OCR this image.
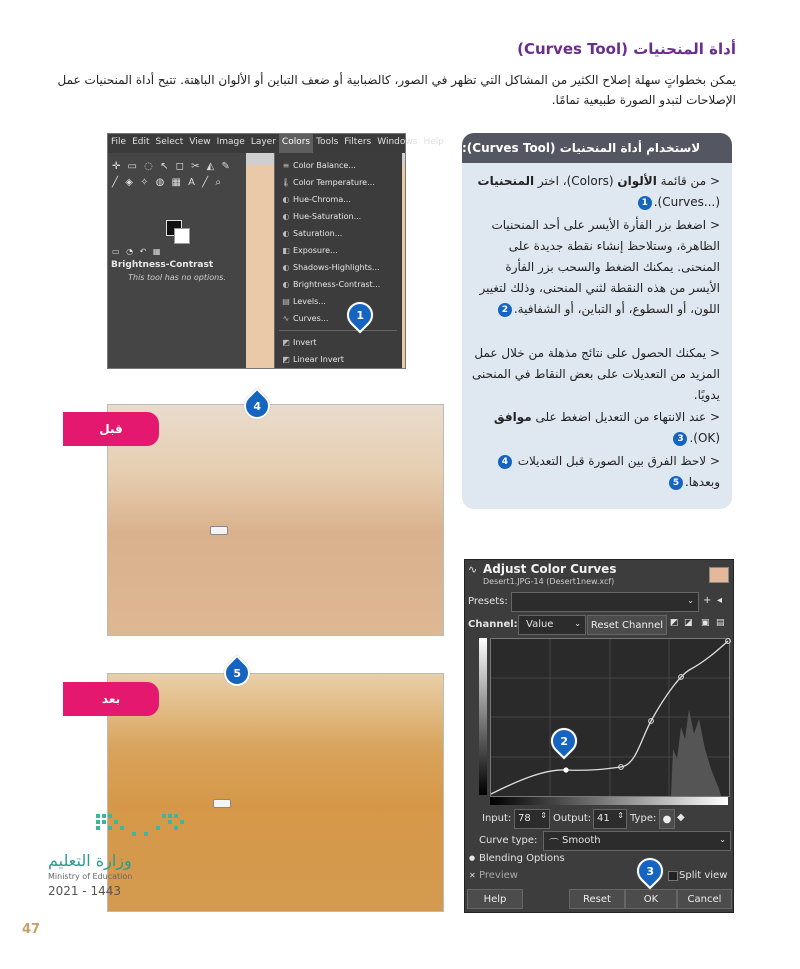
أداة المنحنيات (Curves Tool)
يمكن بخطواتٍ سهلة إصلاح الكثير من المشاكل التي تظهر في الصور، كالضبابية أو ضعف التباين أو الألوان الباهتة. تتيح أداة المنحنيات عمل الإصلاحات لتبدو الصورة طبيعية تمامًا.
File Edit Select View Image Layer Colors Tools Filters Windows Help
✛ ▭ ◌ ↖ ◻ ✂ ◭ ✎
╱ ◈ ✧ ◍ ▦ A ╱ ⌕
▭ ◔ ↶ ▦
Brightness-Contrast
This tool has no options.
≡ Color Balance...
🌡 Color Temperature...
◐ Hue-Chroma...
◐ Hue-Saturation...
◐ Saturation...
◧ Exposure...
◐ Shadows-Highlights...
◐ Brightness-Contrast...
▤ Levels...
∿ Curves...
◩ Invert
◩ Linear Invert
1
لاستخدام أداة المنحنيات (Curves Tool):
< من قائمة الألوان (Colors)، اختر المنحنيات (...Curves).1
< اضغط بزر الفأرة الأيسر على أحد المنحنيات الظاهرة، وستلاحظ إنشاء نقطة جديدة على المنحنى. يمكنك الضغط والسحب بزر الفأرة الأيسر من هذه النقطة لثني المنحنى، وذلك لتغيير اللون، أو السطوع، أو التباين، أو الشفافية.2
< يمكنك الحصول على نتائج مذهلة من خلال عمل المزيد من التعديلات على بعض النقاط في المنحنى يدويًا.
< عند الانتهاء من التعديل اضغط على موافق (OK).3
< لاحظ الفرق بين الصورة قبل التعديلات 4 وبعدها.5
4
قبل
5
بعد
∿ Adjust Color Curves
Desert1.JPG-14 (Desert1new.xcf)
Presets:	⌄ + ◂
Channel: Value	⌄ Reset Channel ◩ ◪ ▣ ▤
Input: 78 ⇕ Output: 41 ⇕ Type: ● ◆
Curve type: ⌒ Smooth	⌄
● Blending Options
✕ Preview	Split view
Help	Reset	OK	Cancel
2
3
وزارة التعليم
Ministry of Education
2021 - 1443
47
